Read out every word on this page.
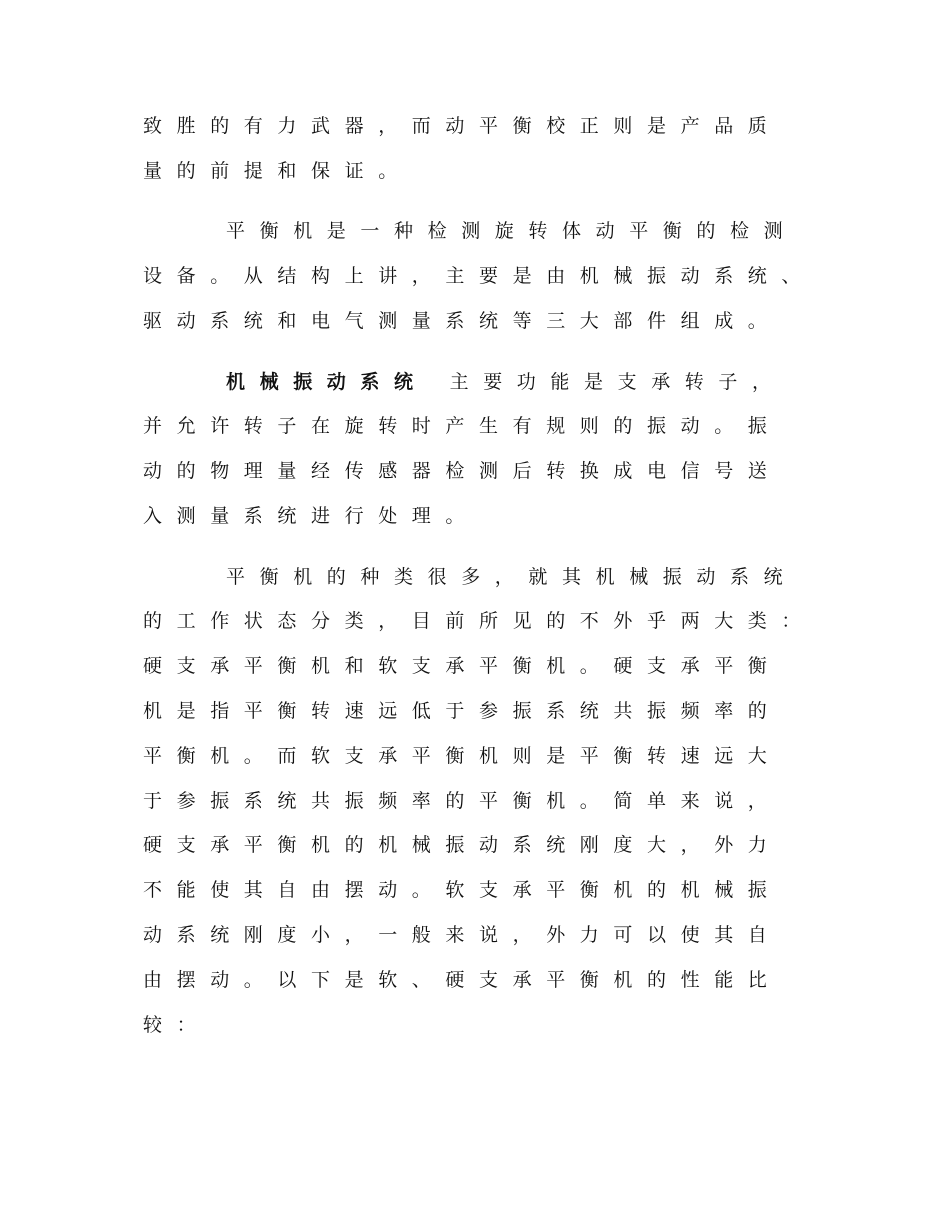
致胜的有力武器，而动平衡校正则是产品质
量的前提和保证。
平衡机是一种检测旋转体动平衡的检测
设备。从结构上讲，主要是由机械振动系统、
驱动系统和电气测量系统等三大部件组成。
机械振动系统 主要功能是支承转子，
并允许转子在旋转时产生有规则的振动。振
动的物理量经传感器检测后转换成电信号送
入测量系统进行处理。
平衡机的种类很多，就其机械振动系统
的工作状态分类，目前所见的不外乎两大类：
硬支承平衡机和软支承平衡机。硬支承平衡
机是指平衡转速远低于参振系统共振频率的
平衡机。而软支承平衡机则是平衡转速远大
于参振系统共振频率的平衡机。简单来说，
硬支承平衡机的机械振动系统刚度大，外力
不能使其自由摆动。软支承平衡机的机械振
动系统刚度小，一般来说，外力可以使其自
由摆动。以下是软、硬支承平衡机的性能比
较：
